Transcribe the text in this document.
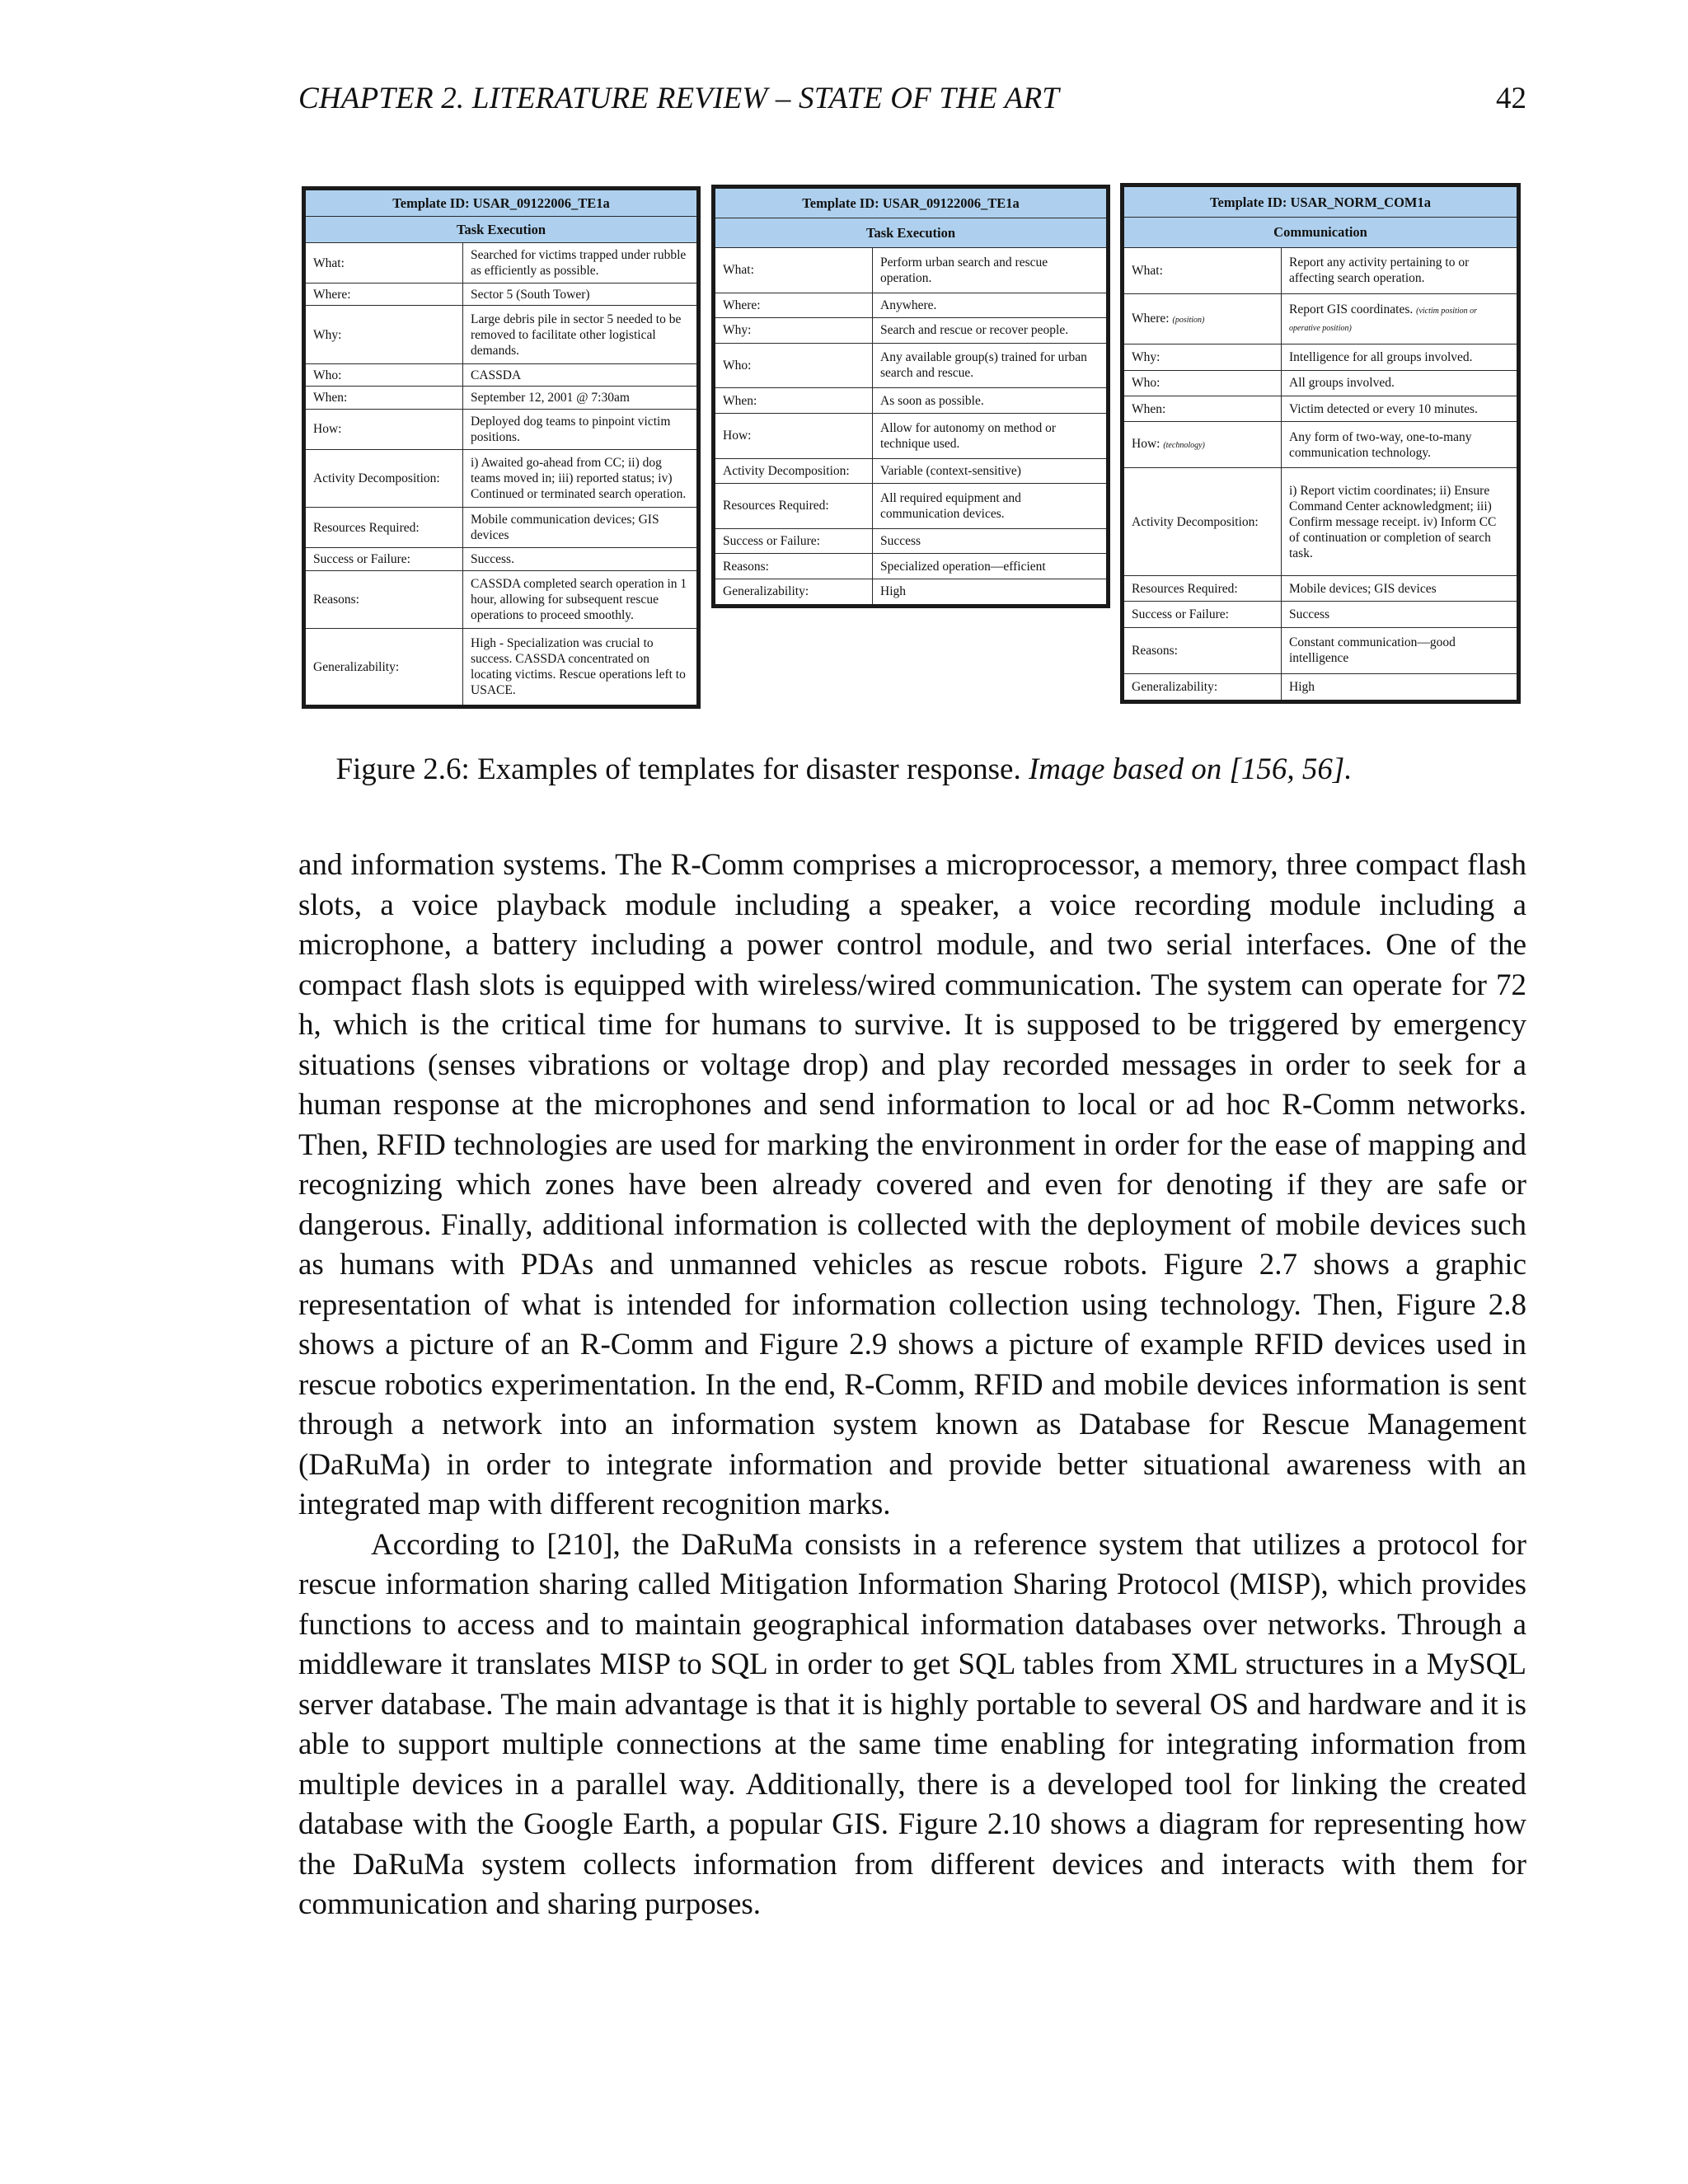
CHAPTER 2. LITERATURE REVIEW – STATE OF THE ART	42
Template ID: USAR_09122006_TE1a	
Task Execution	
What:	Searched for victims trapped under rubble as efficiently as possible.
Where:	Sector 5 (South Tower)
Why:	Large debris pile in sector 5 needed to be removed to facilitate other logistical demands.
Who:	CASSDA
When:	September 12, 2001 @ 7:30am
How:	Deployed dog teams to pinpoint victim positions.
Activity Decomposition:	i) Awaited go-ahead from CC; ii) dog teams moved in; iii) reported status; iv) Continued or terminated search operation.
Resources Required:	Mobile communication devices; GIS devices
Success or Failure:	Success.
Reasons:	CASSDA completed search operation in 1 hour, allowing for subsequent rescue operations to proceed smoothly.
Generalizability:	High - Specialization was crucial to success. CASSDA concentrated on locating victims. Rescue operations left to USACE.
Template ID: USAR_09122006_TE1a	
Task Execution	
What:	Perform urban search and rescue operation.
Where:	Anywhere.
Why:	Search and rescue or recover people.
Who:	Any available group(s) trained for urban search and rescue.
When:	As soon as possible.
How:	Allow for autonomy on method or technique used.
Activity Decomposition:	Variable (context-sensitive)
Resources Required:	All required equipment and communication devices.
Success or Failure:	Success
Reasons:	Specialized operation—efficient
Generalizability:	High
Template ID: USAR_NORM_COM1a	
Communication	
What:	Report any activity pertaining to or affecting search operation.
Where: (position)	Report GIS coordinates. (victim position or operative position)
Why:	Intelligence for all groups involved.
Who:	All groups involved.
When:	Victim detected or every 10 minutes.
How: (technology)	Any form of two-way, one-to-many communication technology.
Activity Decomposition:	i) Report victim coordinates; ii) Ensure Command Center acknowledgment; iii) Confirm message receipt. iv) Inform CC of continuation or completion of search task.
Resources Required:	Mobile devices; GIS devices
Success or Failure:	Success
Reasons:	Constant communication—good intelligence
Generalizability:	High
Figure 2.6: Examples of templates for disaster response. Image based on [156, 56].

and information systems. The R-Comm comprises a microprocessor, a memory, three compact flash slots, a voice playback module including a speaker, a voice recording module including a microphone, a battery including a power control module, and two serial interfaces. One of the compact flash slots is equipped with wireless/wired communication. The system can operate for 72 h, which is the critical time for humans to survive. It is supposed to be triggered by emergency situations (senses vibrations or voltage drop) and play recorded messages in order to seek for a human response at the microphones and send information to local or ad hoc R-Comm networks. Then, RFID technologies are used for marking the environment in order for the ease of mapping and recognizing which zones have been already covered and even for denoting if they are safe or dangerous. Finally, additional information is collected with the deployment of mobile devices such as humans with PDAs and unmanned vehicles as rescue robots. Figure 2.7 shows a graphic representation of what is intended for information collection using technology. Then, Figure 2.8 shows a picture of an R-Comm and Figure 2.9 shows a picture of example RFID devices used in rescue robotics experimentation. In the end, R-Comm, RFID and mobile devices information is sent through a network into an information system known as Database for Rescue Management (DaRuMa) in order to integrate information and provide better situational awareness with an integrated map with different recognition marks.

According to [210], the DaRuMa consists in a reference system that utilizes a protocol for rescue information sharing called Mitigation Information Sharing Protocol (MISP), which provides functions to access and to maintain geographical information databases over networks. Through a middleware it translates MISP to SQL in order to get SQL tables from XML structures in a MySQL server database. The main advantage is that it is highly portable to several OS and hardware and it is able to support multiple connections at the same time enabling for integrating information from multiple devices in a parallel way. Additionally, there is a developed tool for linking the created database with the Google Earth, a popular GIS. Figure 2.10 shows a diagram for representing how the DaRuMa system collects information from different devices and interacts with them for communication and sharing purposes.
